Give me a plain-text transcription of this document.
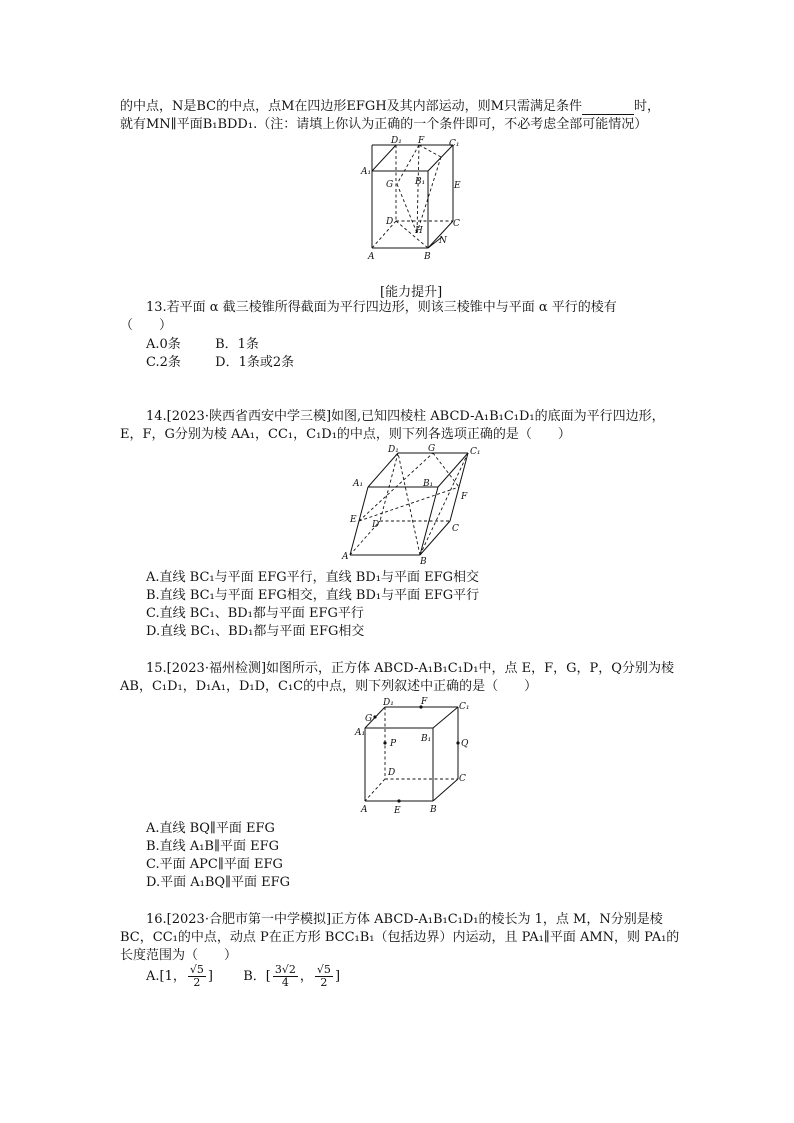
的中点，N是BC的中点，点M在四边形EFGH及其内部运动，则M只需满足条件	时，
就有MN∥平面B₁BDD₁.（注：请填上你认为正确的一个条件即可，不必考虑全部可能情况）
D₁ F	C₁
A₁
G B₁	E
D	C
H
N
A	B
[能力提升]
13.若平面 α 截三棱锥所得截面为平行四边形，则该三棱锥中与平面 α 平行的棱有
（　　）
A.0条	B．1条
C.2条	D．1条或2条
14.[2023·陕西省西安中学三模]如图,已知四棱柱 ABCD-A₁B₁C₁D₁的底面为平行四边形，
E，F，G分别为棱 AA₁，CC₁，C₁D₁的中点，则下列各选项正确的是（　　）
D₁	G	C₁
A₁	B₁
F
E D	C
A	B
A.直线 BC₁与平面 EFG平行，直线 BD₁与平面 EFG相交
B.直线 BC₁与平面 EFG相交，直线 BD₁与平面 EFG平行
C.直线 BC₁、BD₁都与平面 EFG平行
D.直线 BC₁、BD₁都与平面 EFG相交
15.[2023·福州检测]如图所示，正方体 ABCD-A₁B₁C₁D₁中，点 E，F，G，P，Q分别为棱
AB，C₁D₁，D₁A₁，D₁D，C₁C的中点，则下列叙述中正确的是（　　）
G
D₁	F	C₁
A₁
P	B₁	Q
D
C
A	E	B
A.直线 BQ∥平面 EFG
B.直线 A₁B∥平面 EFG
C.平面 APC∥平面 EFG
D.平面 A₁BQ∥平面 EFG
16.[2023·合肥市第一中学模拟]正方体 ABCD-A₁B₁C₁D₁的棱长为 1，点 M，N分别是棱
BC，CC₁的中点，动点 P在正方形 BCC₁B₁（包括边界）内运动，且 PA₁∥平面 AMN，则 PA₁的
长度范围为（　　）
A.[1， $\frac{√5}{2}$ ] B．[ $\frac{3√2}{4}$ ， $\frac{√5}{2}$ ]
